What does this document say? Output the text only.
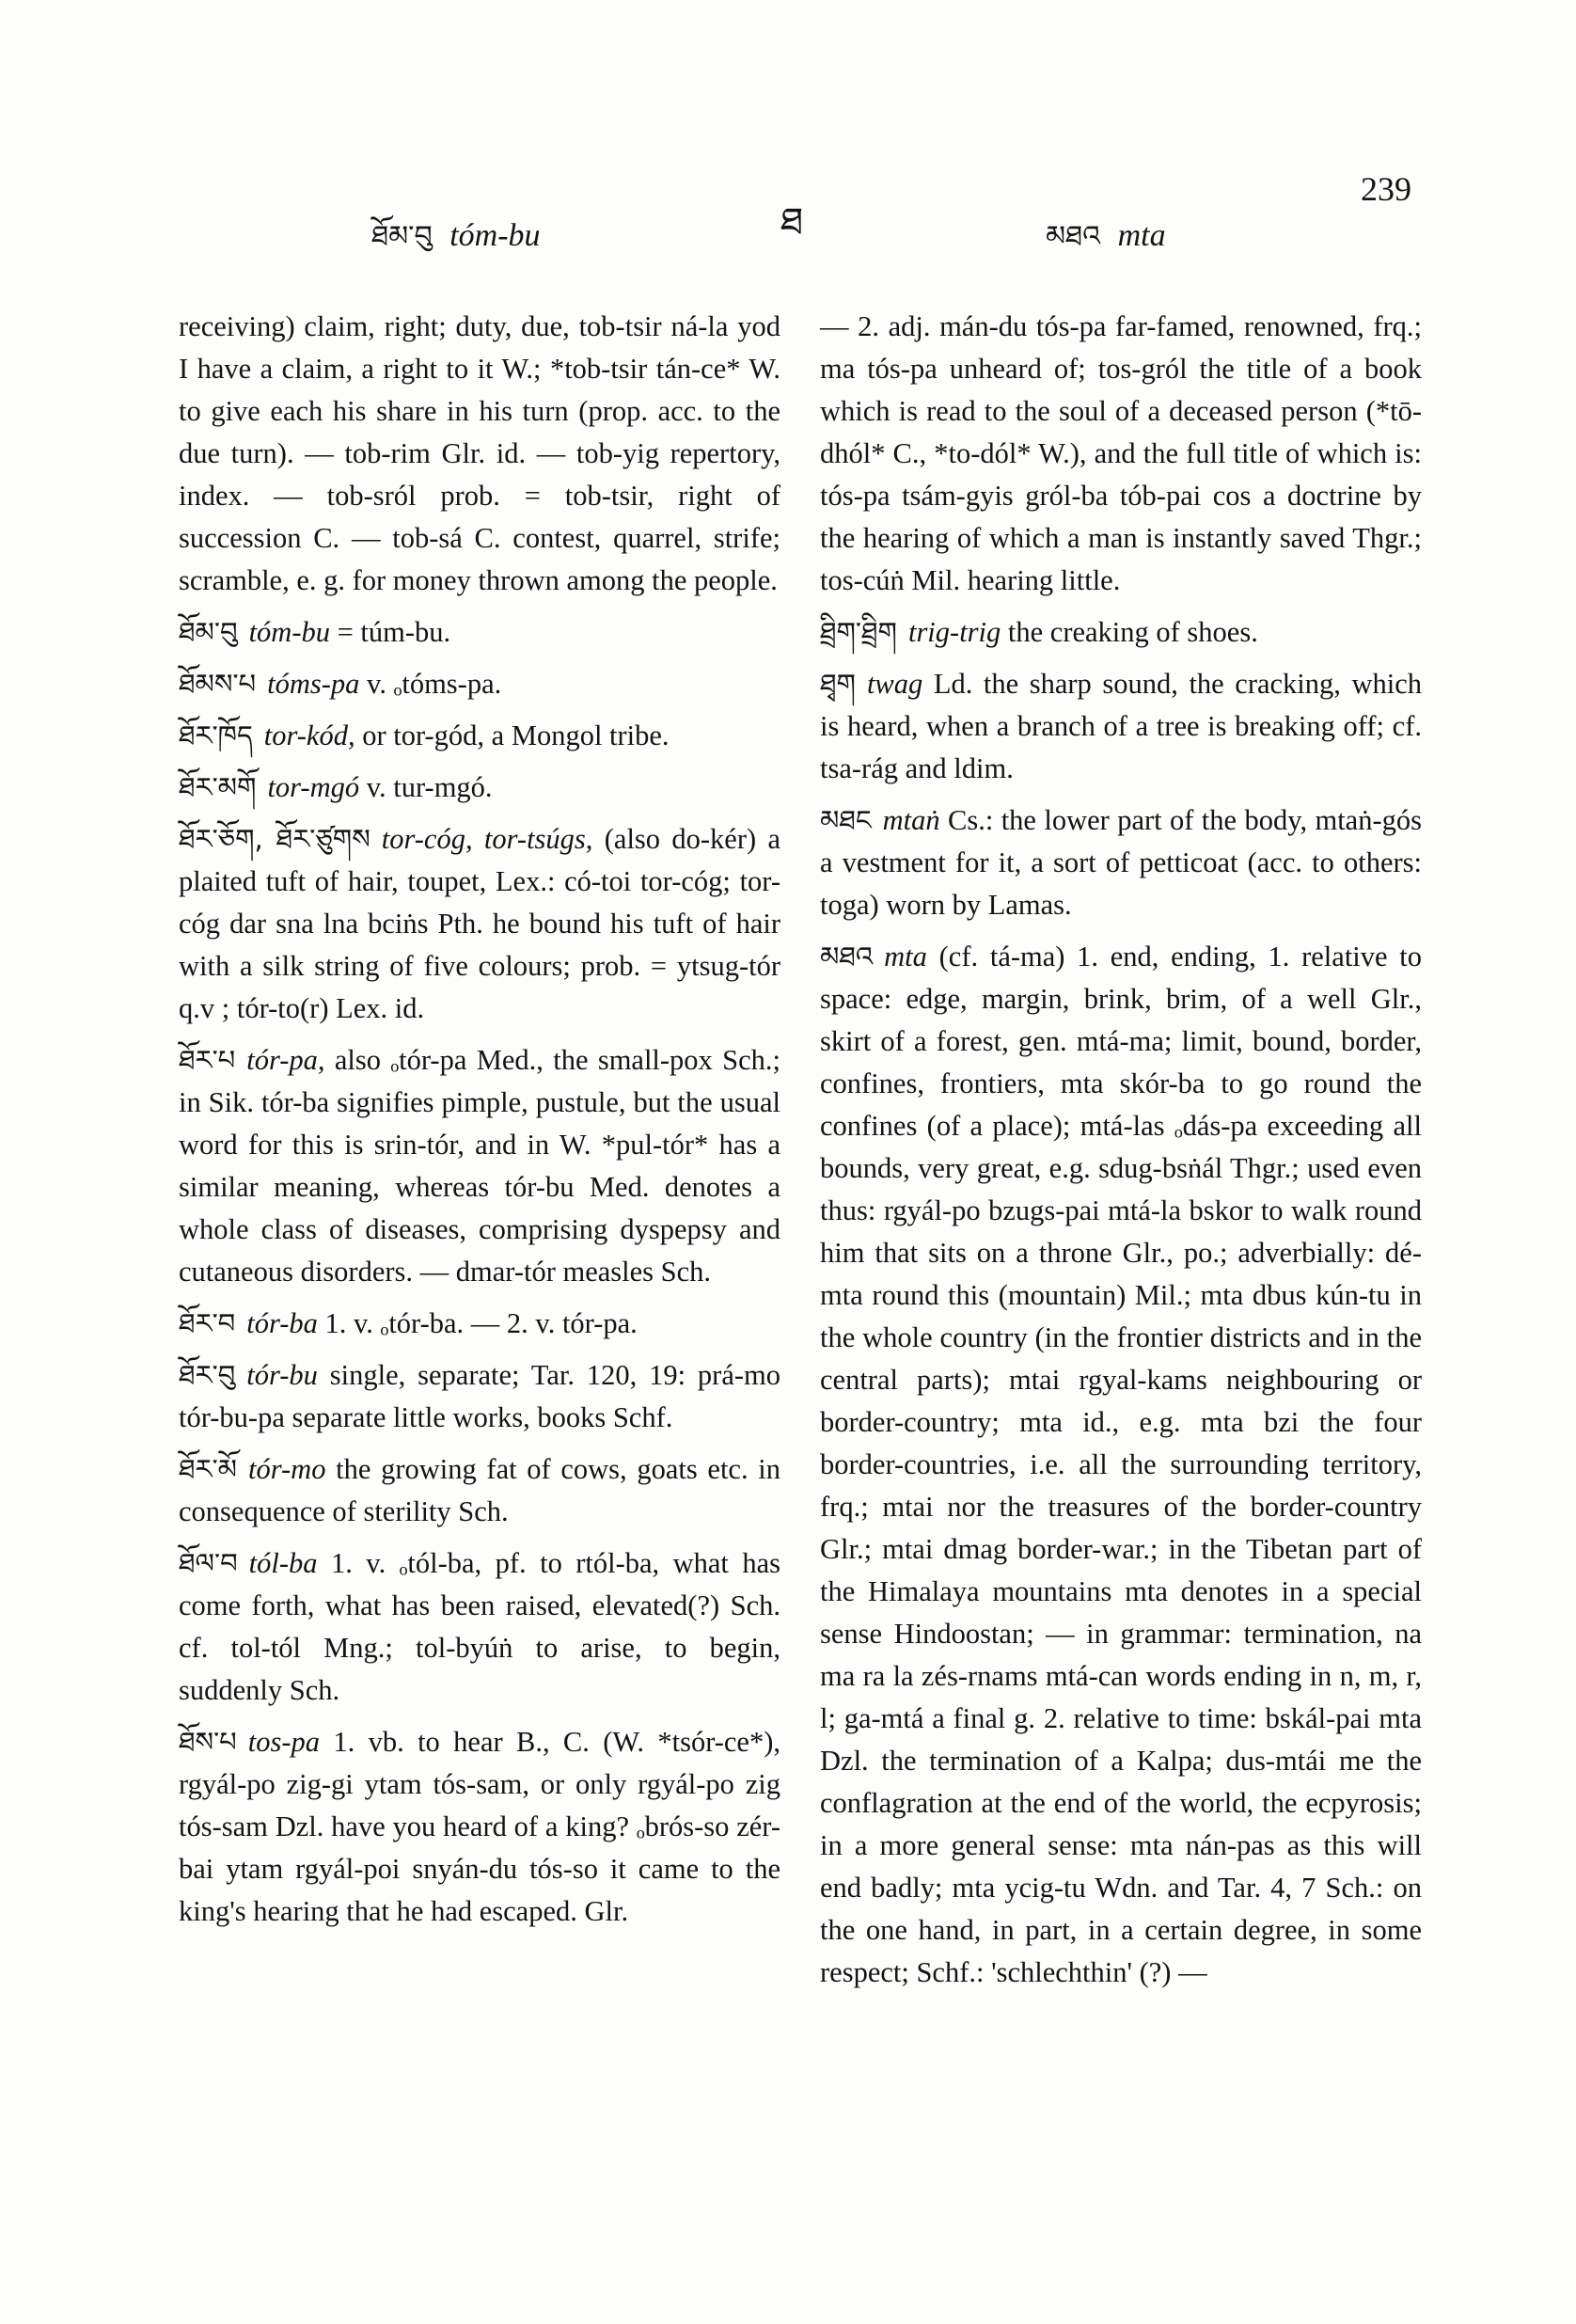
ཐོམ་བུ tóm-bu	ཐ	མཐའ mta
239
receiving) claim, right; duty, due, tob-tsir ná-la yod I have a claim, a right to it W.; *tob-tsir tán-ce* W. to give each his share in his turn (prop. acc. to the due turn). — tob-rim Glr. id. — tob-yig repertory, index. — tob-sról prob. = tob-tsir, right of succession C. — tob-sá C. contest, quarrel, strife; scramble, e. g. for money thrown among the people.
ཐོམ་བུ tóm-bu = túm-bu.
ཐོམས་པ tóms-pa v. ₒtóms-pa.
ཐོར་ཁོད tor-kód, or tor-gód, a Mongol tribe.
ཐོར་མགོ tor-mgó v. tur-mgó.
ཐོར་ཅོག, ཐོར་ཙུགས tor-cóg, tor-tsúgs, (also do-kér) a plaited tuft of hair, toupet, Lex.: có-toi tor-cóg; tor-cóg dar sna lna bciṅs Pth. he bound his tuft of hair with a silk string of five colours; prob. = ytsug-tór q.v ; tór-to(r) Lex. id.
ཐོར་པ tór-pa, also ₒtór-pa Med., the small-pox Sch.; in Sik. tór-ba signifies pimple, pustule, but the usual word for this is srin-tór, and in W. *pul-tór* has a similar meaning, whereas tór-bu Med. denotes a whole class of diseases, comprising dyspepsy and cutaneous disorders. — dmar-tór measles Sch.
ཐོར་བ tór-ba 1. v. ₒtór-ba. — 2. v. tór-pa.
ཐོར་བུ tór-bu single, separate; Tar. 120, 19: prá-mo tór-bu-pa separate little works, books Schf.
ཐོར་མོ tór-mo the growing fat of cows, goats etc. in consequence of sterility Sch.
ཐོལ་བ tól-ba 1. v. ₒtól-ba, pf. to rtól-ba, what has come forth, what has been raised, elevated(?) Sch. cf. tol-tól Mng.; tol-byúṅ to arise, to begin, suddenly Sch.
ཐོས་པ tos-pa 1. vb. to hear B., C. (W. *tsór-ce*), rgyál-po zig-gi ytam tós-sam, or only rgyál-po zig tós-sam Dzl. have you heard of a king? ₒbrós-so zér-bai ytam rgyál-poi snyán-du tós-so it came to the king's hearing that he had escaped. Glr.
— 2. adj. mán-du tós-pa far-famed, renowned, frq.; ma tós-pa unheard of; tos-gról the title of a book which is read to the soul of a deceased person (*tō-dhól* C., *to-dól* W.), and the full title of which is: tós-pa tsám-gyis gról-ba tób-pai cos a doctrine by the hearing of which a man is instantly saved Thgr.; tos-cúṅ Mil. hearing little.
ཐྲིག་ཐྲིག trig-trig the creaking of shoes.
ཐྭག twag Ld. the sharp sound, the cracking, which is heard, when a branch of a tree is breaking off; cf. tsa-rág and ldim.
མཐང mtaṅ Cs.: the lower part of the body, mtaṅ-gós a vestment for it, a sort of petticoat (acc. to others: toga) worn by Lamas.
མཐའ mta (cf. tá-ma) 1. end, ending, 1. relative to space: edge, margin, brink, brim, of a well Glr., skirt of a forest, gen. mtá-ma; limit, bound, border, confines, frontiers, mta skór-ba to go round the confines (of a place); mtá-las ₒdás-pa exceeding all bounds, very great, e.g. sdug-bsṅál Thgr.; used even thus: rgyál-po bzugs-pai mtá-la bskor to walk round him that sits on a throne Glr., po.; adverbially: dé-mta round this (mountain) Mil.; mta dbus kún-tu in the whole country (in the frontier districts and in the central parts); mtai rgyal-kams neighbouring or border-country; mta id., e.g. mta bzi the four border-countries, i.e. all the surrounding territory, frq.; mtai nor the treasures of the border-country Glr.; mtai dmag border-war.; in the Tibetan part of the Himalaya mountains mta denotes in a special sense Hindoostan; — in grammar: termination, na ma ra la zés-rnams mtá-can words ending in n, m, r, l; ga-mtá a final g. 2. relative to time: bskál-pai mta Dzl. the termination of a Kalpa; dus-mtái me the conflagration at the end of the world, the ecpyrosis; in a more general sense: mta nán-pas as this will end badly; mta ycig-tu Wdn. and Tar. 4, 7 Sch.: on the one hand, in part, in a certain degree, in some respect; Schf.: 'schlechthin' (?) —
